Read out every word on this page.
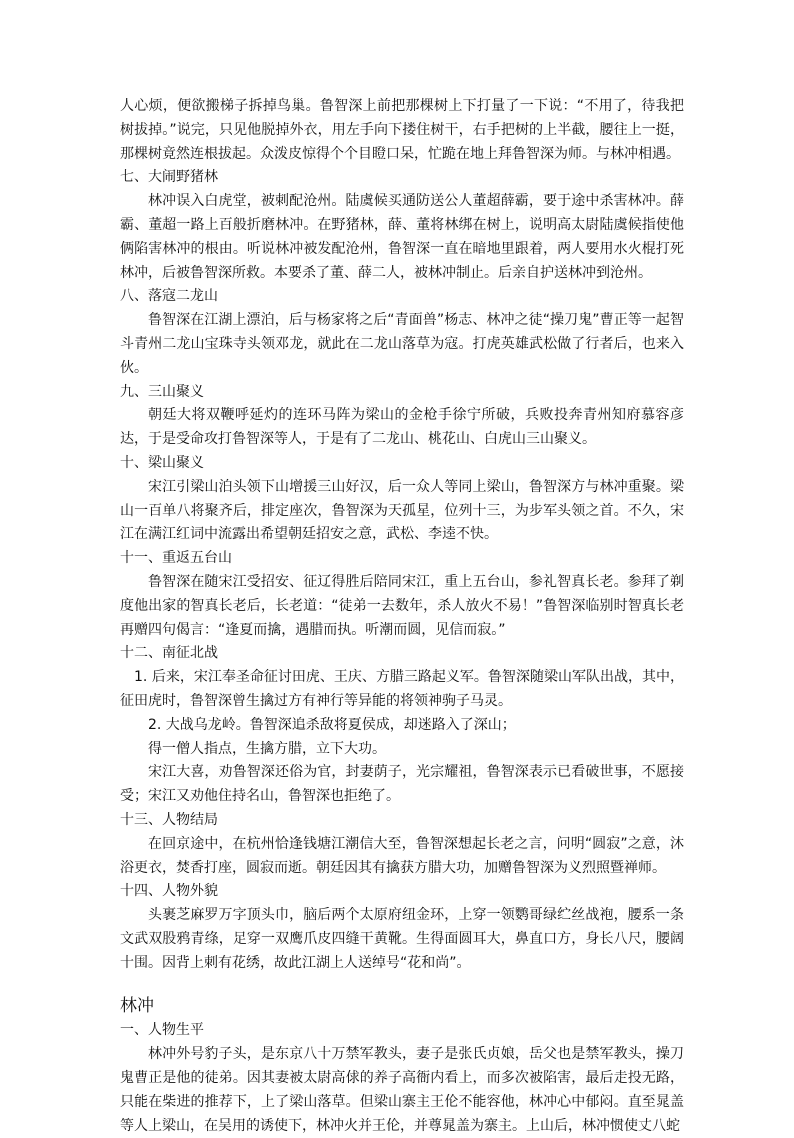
人心烦，便欲搬梯子拆掉鸟巢。鲁智深上前把那棵树上下打量了一下说：“不用了，待我把树拔掉。”说完，只见他脱掉外衣，用左手向下搂住树干，右手把树的上半截，腰往上一挺，那棵树竟然连根拔起。众泼皮惊得个个目瞪口呆，忙跪在地上拜鲁智深为师。与林冲相遇。

七、大闹野猪林

林冲误入白虎堂，被刺配沧州。陆虞候买通防送公人董超薛霸，要于途中杀害林冲。薛霸、董超一路上百般折磨林冲。在野猪林，薛、董将林绑在树上，说明高太尉陆虞候指使他俩陷害林冲的根由。听说林冲被发配沧州，鲁智深一直在暗地里跟着，两人要用水火棍打死林冲，后被鲁智深所救。本要杀了董、薛二人，被林冲制止。后亲自护送林冲到沧州。

八、落寇二龙山

鲁智深在江湖上漂泊，后与杨家将之后“青面兽”杨志、林冲之徒“操刀鬼”曹正等一起智斗青州二龙山宝珠寺头领邓龙，就此在二龙山落草为寇。打虎英雄武松做了行者后，也来入伙。

九、三山聚义

朝廷大将双鞭呼延灼的连环马阵为梁山的金枪手徐宁所破，兵败投奔青州知府慕容彦达，于是受命攻打鲁智深等人，于是有了二龙山、桃花山、白虎山三山聚义。

十、梁山聚义

宋江引梁山泊头领下山增援三山好汉，后一众人等同上梁山，鲁智深方与林冲重聚。梁山一百单八将聚齐后，排定座次，鲁智深为天孤星，位列十三，为步军头领之首。不久，宋江在满江红词中流露出希望朝廷招安之意，武松、李逵不快。

十一、重返五台山

鲁智深在随宋江受招安、征辽得胜后陪同宋江，重上五台山，参礼智真长老。参拜了剃度他出家的智真长老后，长老道：“徒弟一去数年，杀人放火不易！”鲁智深临别时智真长老再赠四句偈言：“逢夏而擒，遇腊而执。听潮而圆，见信而寂。”

十二、南征北战

1. 后来，宋江奉圣命征讨田虎、王庆、方腊三路起义军。鲁智深随梁山军队出战，其中，征田虎时，鲁智深曾生擒过方有神行等异能的将领神驹子马灵。

2. 大战乌龙岭。鲁智深追杀敌将夏侯成，却迷路入了深山；

得一僧人指点，生擒方腊，立下大功。

宋江大喜，劝鲁智深还俗为官，封妻荫子，光宗耀祖，鲁智深表示已看破世事，不愿接受；宋江又劝他住持名山，鲁智深也拒绝了。

十三、人物结局

在回京途中，在杭州恰逢钱塘江潮信大至，鲁智深想起长老之言，问明“圆寂”之意，沐浴更衣，焚香打座，圆寂而逝。朝廷因其有擒获方腊大功，加赠鲁智深为义烈照暨禅师。

十四、人物外貌

头裹芝麻罗万字顶头巾，脑后两个太原府纽金环，上穿一领鹦哥绿纻丝战袍，腰系一条文武双股鸦青绦，足穿一双鹰爪皮四缝干黄靴。生得面圆耳大，鼻直口方，身长八尺，腰阔十围。因背上刺有花绣，故此江湖上人送绰号“花和尚”。

林冲

一、人物生平

林冲外号豹子头，是东京八十万禁军教头，妻子是张氏贞娘，岳父也是禁军教头，操刀鬼曹正是他的徒弟。因其妻被太尉高俅的养子高衙内看上，而多次被陷害，最后走投无路，只能在柴进的推荐下，上了梁山落草。但梁山寨主王伦不能容他，林冲心中郁闷。直至晁盖等人上梁山，在吴用的诱使下，林冲火并王伦，并尊晁盖为寨主。上山后，林冲惯使丈八蛇
